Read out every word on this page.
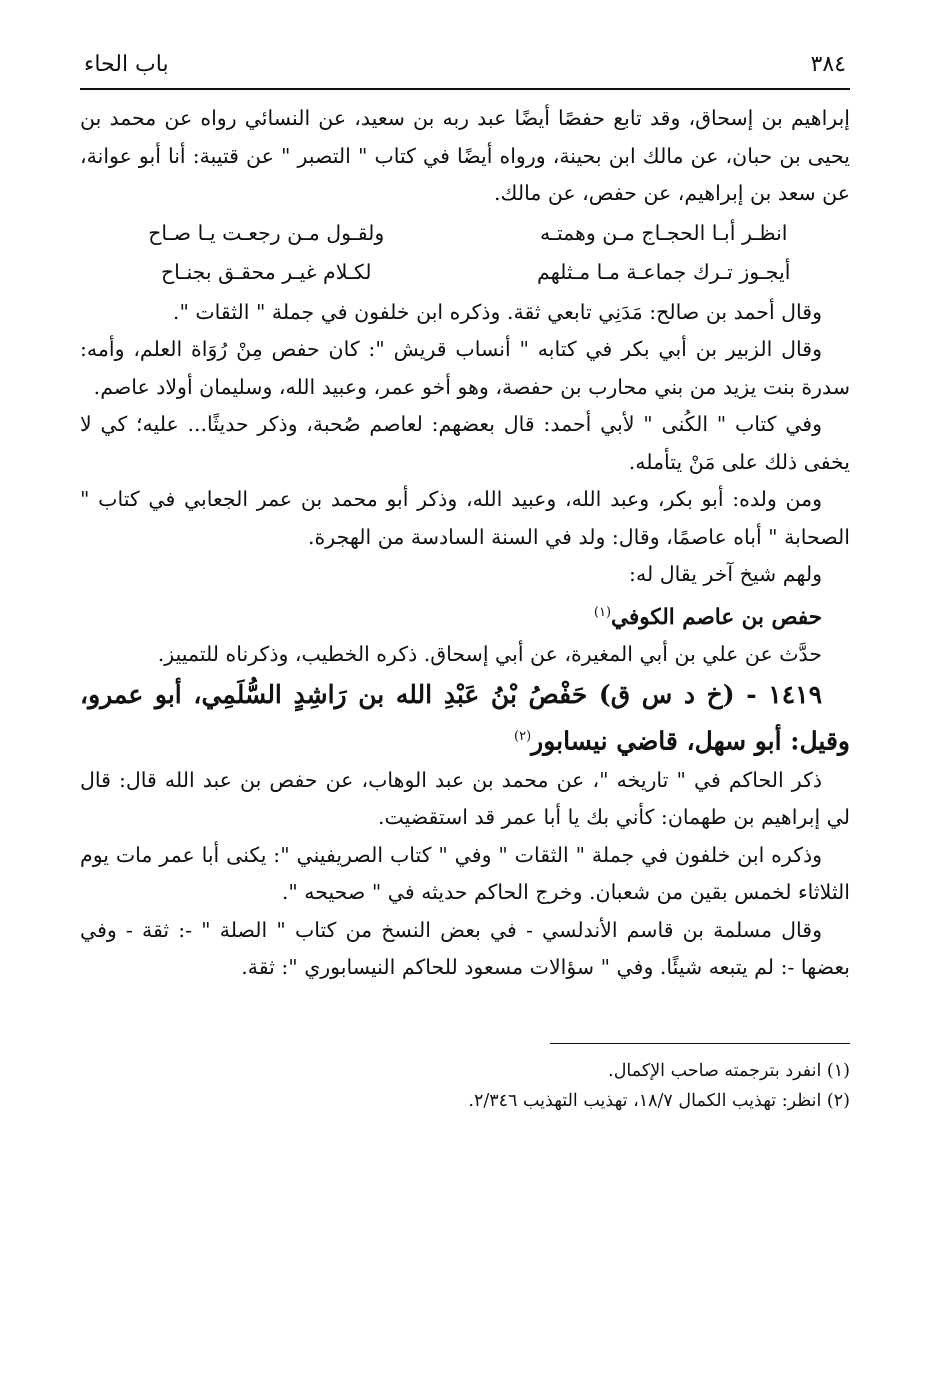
٣٨٤
باب الحاء

إبراهيم بن إسحاق، وقد تابع حفصًا أيضًا عبد ربه بن سعيد، عن النسائي رواه عن محمد بن يحيى بن حبان، عن مالك ابن بحينة، ورواه أيضًا في كتاب " التصبر " عن قتيبة: أنا أبو عوانة، عن سعد بن إبراهيم، عن حفص، عن مالك.

انظـر أبـا الحجـاج مـن وهمتـه
ولقـول مـن رجعـت يـا صـاح
أيجـوز تـرك جماعـة مـا مـثلهم
لكـلام غيـر محقـق بجنـاح

وقال أحمد بن صالح: مَدَنِي تابعي ثقة. وذكره ابن خلفون في جملة " الثقات ".

وقال الزبير بن أبي بكر في كتابه " أنساب قريش ": كان حفص مِنْ رُوَاة العلم، وأمه: سدرة بنت يزيد من بني محارب بن حفصة، وهو أخو عمر، وعبيد الله، وسليمان أولاد عاصم.

وفي كتاب " الكُنى " لأبي أحمد: قال بعضهم: لعاصم صُحبة، وذكر حديثًا... عليه؛ كي لا يخفى ذلك على مَنْ يتأمله.

ومن ولده: أبو بكر، وعبد الله، وعبيد الله، وذكر أبو محمد بن عمر الجعابي في كتاب " الصحابة " أباه عاصمًا، وقال: ولد في السنة السادسة من الهجرة.

ولهم شيخ آخر يقال له:

حفص بن عاصم الكوفي$^{(١)}$

حدَّث عن علي بن أبي المغيرة، عن أبي إسحاق. ذكره الخطيب، وذكرناه للتمييز.

١٤١٩ - (خ د س ق) حَفْصُ بْنُ عَبْدِ الله بن رَاشِدٍ السُّلَمِي، أبو عمرو، وقيل: أبو سهل، قاضي نيسابور$^{(٢)}$

ذكر الحاكم في " تاريخه "، عن محمد بن عبد الوهاب، عن حفص بن عبد الله قال: قال لي إبراهيم بن طهمان: كأني بك يا أبا عمر قد استقضيت.

وذكره ابن خلفون في جملة " الثقات " وفي " كتاب الصريفيني ": يكنى أبا عمر مات يوم الثلاثاء لخمس بقين من شعبان. وخرج الحاكم حديثه في " صحيحه ".

وقال مسلمة بن قاسم الأندلسي - في بعض النسخ من كتاب " الصلة " -: ثقة - وفي بعضها -: لم يتبعه شيئًا. وفي " سؤالات مسعود للحاكم النيسابوري ": ثقة.

(١) انفرد بترجمته صاحب الإكمال.

(٢) انظر: تهذيب الكمال ١٨/٧، تهذيب التهذيب ٢/٣٤٦.
